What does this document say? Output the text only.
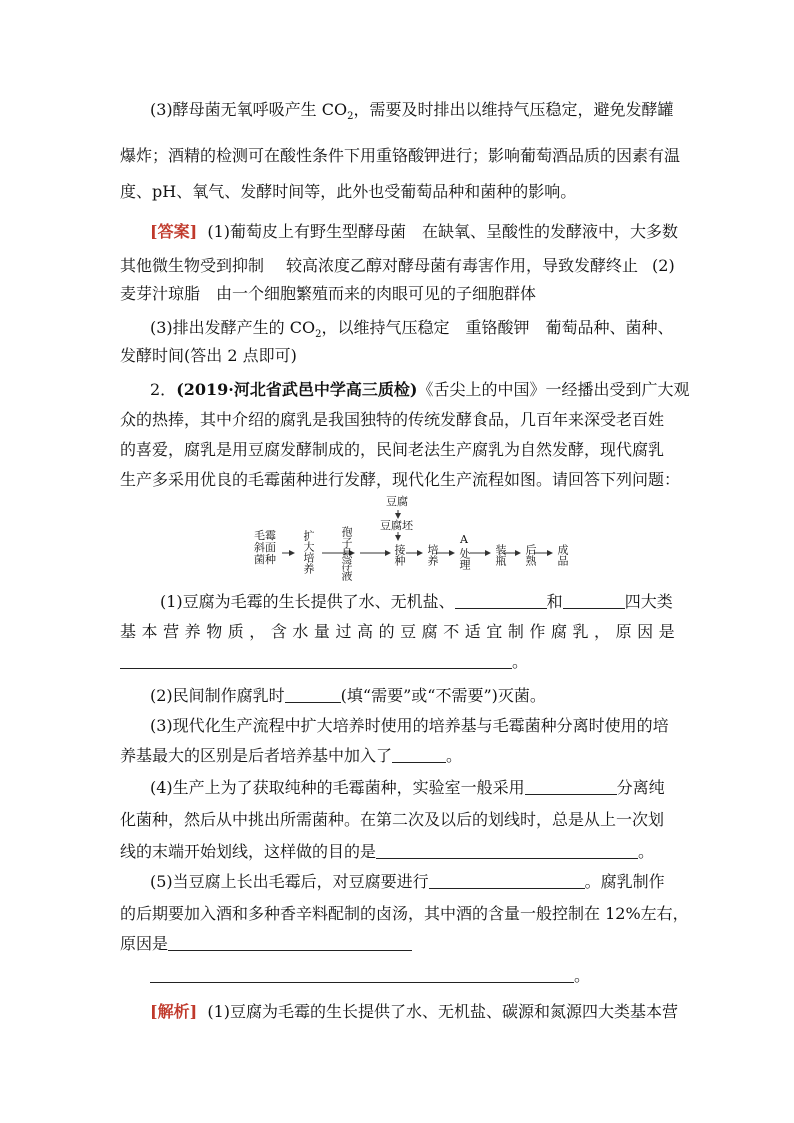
(3)酵母菌无氧呼吸产生 $CO_2$，需要及时排出以维持气压稳定，避免发酵罐
爆炸；酒精的检测可在酸性条件下用重铬酸钾进行；影响葡萄酒品质的因素有温
度、pH、氧气、发酵时间等，此外也受葡萄品种和菌种的影响。
[答案] (1)葡萄皮上有野生型酵母菌　在缺氧、呈酸性的发酵液中，大多数
其他微生物受到抑制 较高浓度乙醇对酵母菌有毒害作用，导致发酵终止 (2)
麦芽汁琼脂　由一个细胞繁殖而来的肉眼可见的子细胞群体
(3)排出发酵产生的 $CO_2$，以维持气压稳定　重铬酸钾　葡萄品种、菌种、
发酵时间(答出 2 点即可)
2．(2019·河北省武邑中学高三质检)《舌尖上的中国》一经播出受到广大观
众的热捧，其中介绍的腐乳是我国独特的传统发酵食品，几百年来深受老百姓
的喜爱，腐乳是用豆腐发酵制成的，民间老法生产腐乳为自然发酵，现代腐乳
生产多采用优良的毛霉菌种进行发酵，现代化生产流程如图。请回答下列问题：
豆腐
豆腐坯
毛霉斜面菌种	扩大培养 孢子悬浮液	接种 培养
A
处理 装瓶 后熟 成品
(1)豆腐为毛霉的生长提供了水、无机盐、	和	四大类
基 本 营 养 物 质 ， 含 水 量 过 高 的 豆 腐 不 适 宜 制 作 腐 乳 ， 原 因 是
。
(2)民间制作腐乳时	(填“需要”或“不需要”)灭菌。
(3)现代化生产流程中扩大培养时使用的培养基与毛霉菌种分离时使用的培
养基最大的区别是后者培养基中加入了	。
(4)生产上为了获取纯种的毛霉菌种，实验室一般采用	分离纯
化菌种，然后从中挑出所需菌种。在第二次及以后的划线时，总是从上一次划
线的末端开始划线，这样做的目的是	。
(5)当豆腐上长出毛霉后，对豆腐要进行	。腐乳制作
的后期要加入酒和多种香辛料配制的卤汤，其中酒的含量一般控制在 12%左右，
原因是
。
[解析] (1)豆腐为毛霉的生长提供了水、无机盐、碳源和氮源四大类基本营
